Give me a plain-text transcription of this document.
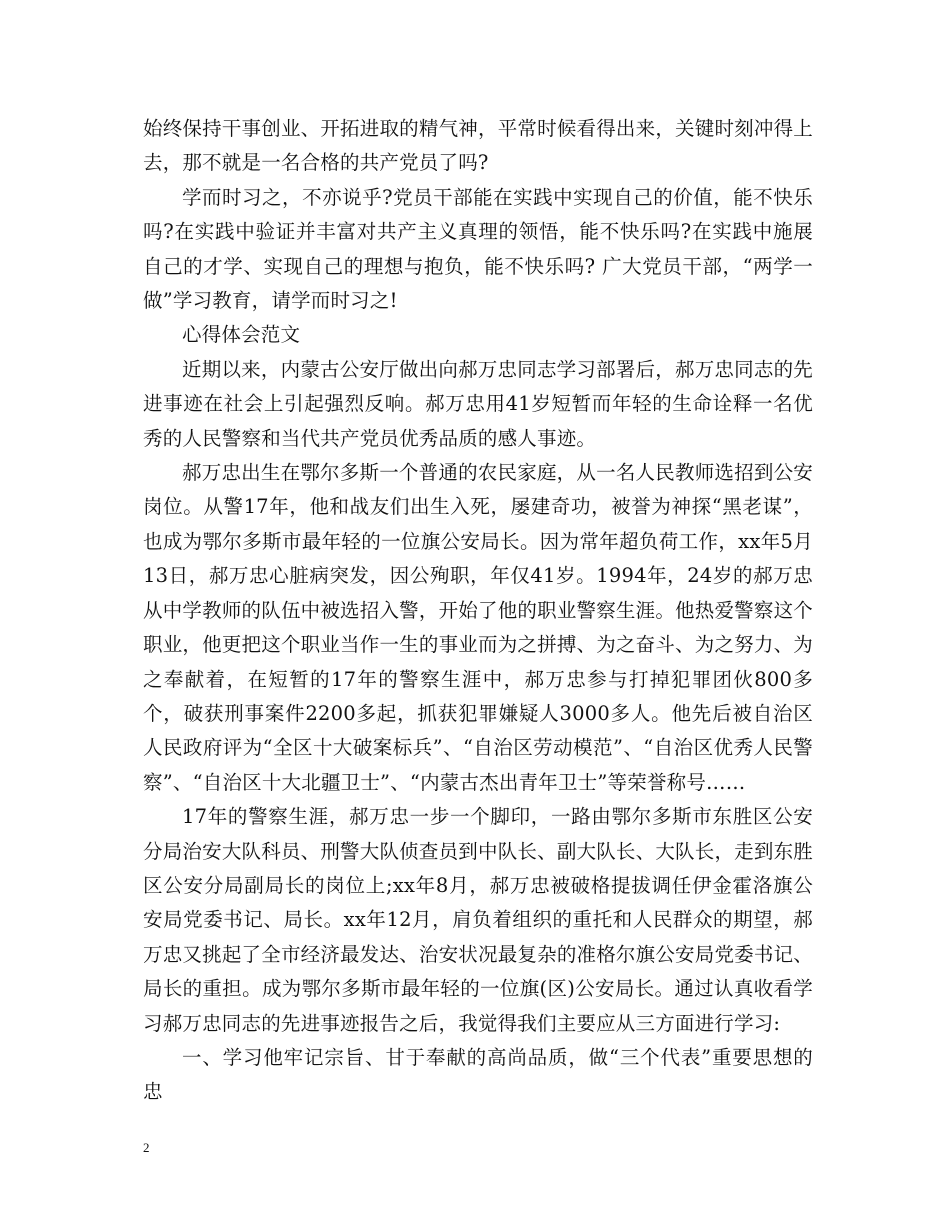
始终保持干事创业、开拓进取的精气神，平常时候看得出来，关键时刻冲得上去，那不就是一名合格的共产党员了吗?

学而时习之，不亦说乎?党员干部能在实践中实现自己的价值，能不快乐吗?在实践中验证并丰富对共产主义真理的领悟，能不快乐吗?在实践中施展自己的才学、实现自己的理想与抱负，能不快乐吗? 广大党员干部，“两学一做”学习教育，请学而时习之!

心得体会范文

近期以来，内蒙古公安厅做出向郝万忠同志学习部署后，郝万忠同志的先进事迹在社会上引起强烈反响。郝万忠用41岁短暂而年轻的生命诠释一名优秀的人民警察和当代共产党员优秀品质的感人事迹。

郝万忠出生在鄂尔多斯一个普通的农民家庭，从一名人民教师选招到公安岗位。从警17年，他和战友们出生入死，屡建奇功，被誉为神探“黑老谋”，也成为鄂尔多斯市最年轻的一位旗公安局长。因为常年超负荷工作，xx年5月13日，郝万忠心脏病突发，因公殉职，年仅41岁。1994年，24岁的郝万忠从中学教师的队伍中被选招入警，开始了他的职业警察生涯。他热爱警察这个职业，他更把这个职业当作一生的事业而为之拼搏、为之奋斗、为之努力、为之奉献着，在短暂的17年的警察生涯中，郝万忠参与打掉犯罪团伙800多个，破获刑事案件2200多起，抓获犯罪嫌疑人3000多人。他先后被自治区人民政府评为“全区十大破案标兵”、“自治区劳动模范”、“自治区优秀人民警察”、“自治区十大北疆卫士”、“内蒙古杰出青年卫士”等荣誉称号……

17年的警察生涯，郝万忠一步一个脚印，一路由鄂尔多斯市东胜区公安分局治安大队科员、刑警大队侦查员到中队长、副大队长、大队长，走到东胜区公安分局副局长的岗位上;xx年8月，郝万忠被破格提拔调任伊金霍洛旗公安局党委书记、局长。xx年12月，肩负着组织的重托和人民群众的期望，郝万忠又挑起了全市经济最发达、治安状况最复杂的准格尔旗公安局党委书记、局长的重担。成为鄂尔多斯市最年轻的一位旗(区)公安局长。通过认真收看学习郝万忠同志的先进事迹报告之后，我觉得我们主要应从三方面进行学习:

一、学习他牢记宗旨、甘于奉献的高尚品质，做“三个代表”重要思想的忠

2
